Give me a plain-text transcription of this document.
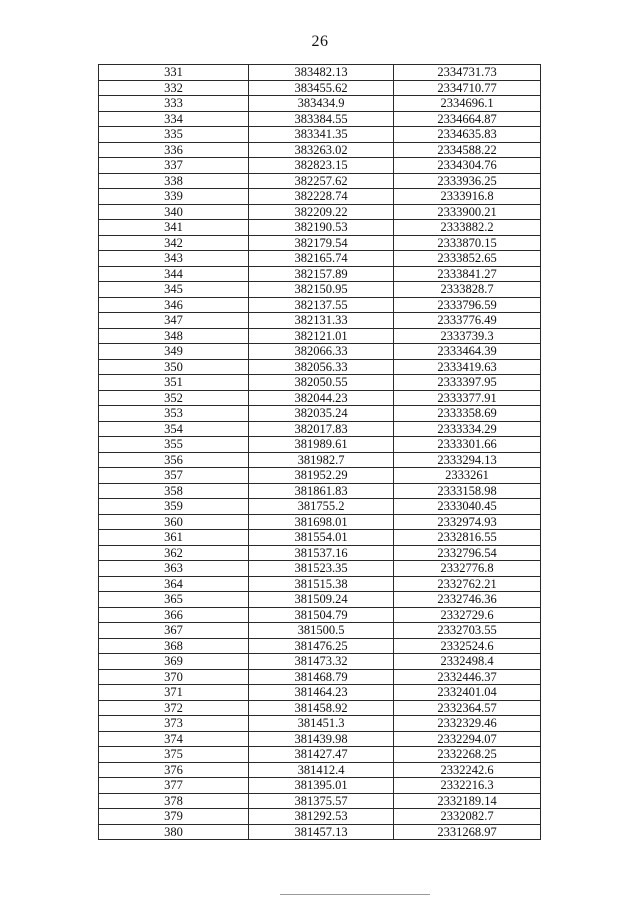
26
331	383482.13	2334731.73
332	383455.62	2334710.77
333	383434.9	2334696.1
334	383384.55	2334664.87
335	383341.35	2334635.83
336	383263.02	2334588.22
337	382823.15	2334304.76
338	382257.62	2333936.25
339	382228.74	2333916.8
340	382209.22	2333900.21
341	382190.53	2333882.2
342	382179.54	2333870.15
343	382165.74	2333852.65
344	382157.89	2333841.27
345	382150.95	2333828.7
346	382137.55	2333796.59
347	382131.33	2333776.49
348	382121.01	2333739.3
349	382066.33	2333464.39
350	382056.33	2333419.63
351	382050.55	2333397.95
352	382044.23	2333377.91
353	382035.24	2333358.69
354	382017.83	2333334.29
355	381989.61	2333301.66
356	381982.7	2333294.13
357	381952.29	2333261
358	381861.83	2333158.98
359	381755.2	2333040.45
360	381698.01	2332974.93
361	381554.01	2332816.55
362	381537.16	2332796.54
363	381523.35	2332776.8
364	381515.38	2332762.21
365	381509.24	2332746.36
366	381504.79	2332729.6
367	381500.5	2332703.55
368	381476.25	2332524.6
369	381473.32	2332498.4
370	381468.79	2332446.37
371	381464.23	2332401.04
372	381458.92	2332364.57
373	381451.3	2332329.46
374	381439.98	2332294.07
375	381427.47	2332268.25
376	381412.4	2332242.6
377	381395.01	2332216.3
378	381375.57	2332189.14
379	381292.53	2332082.7
380	381457.13	2331268.97
